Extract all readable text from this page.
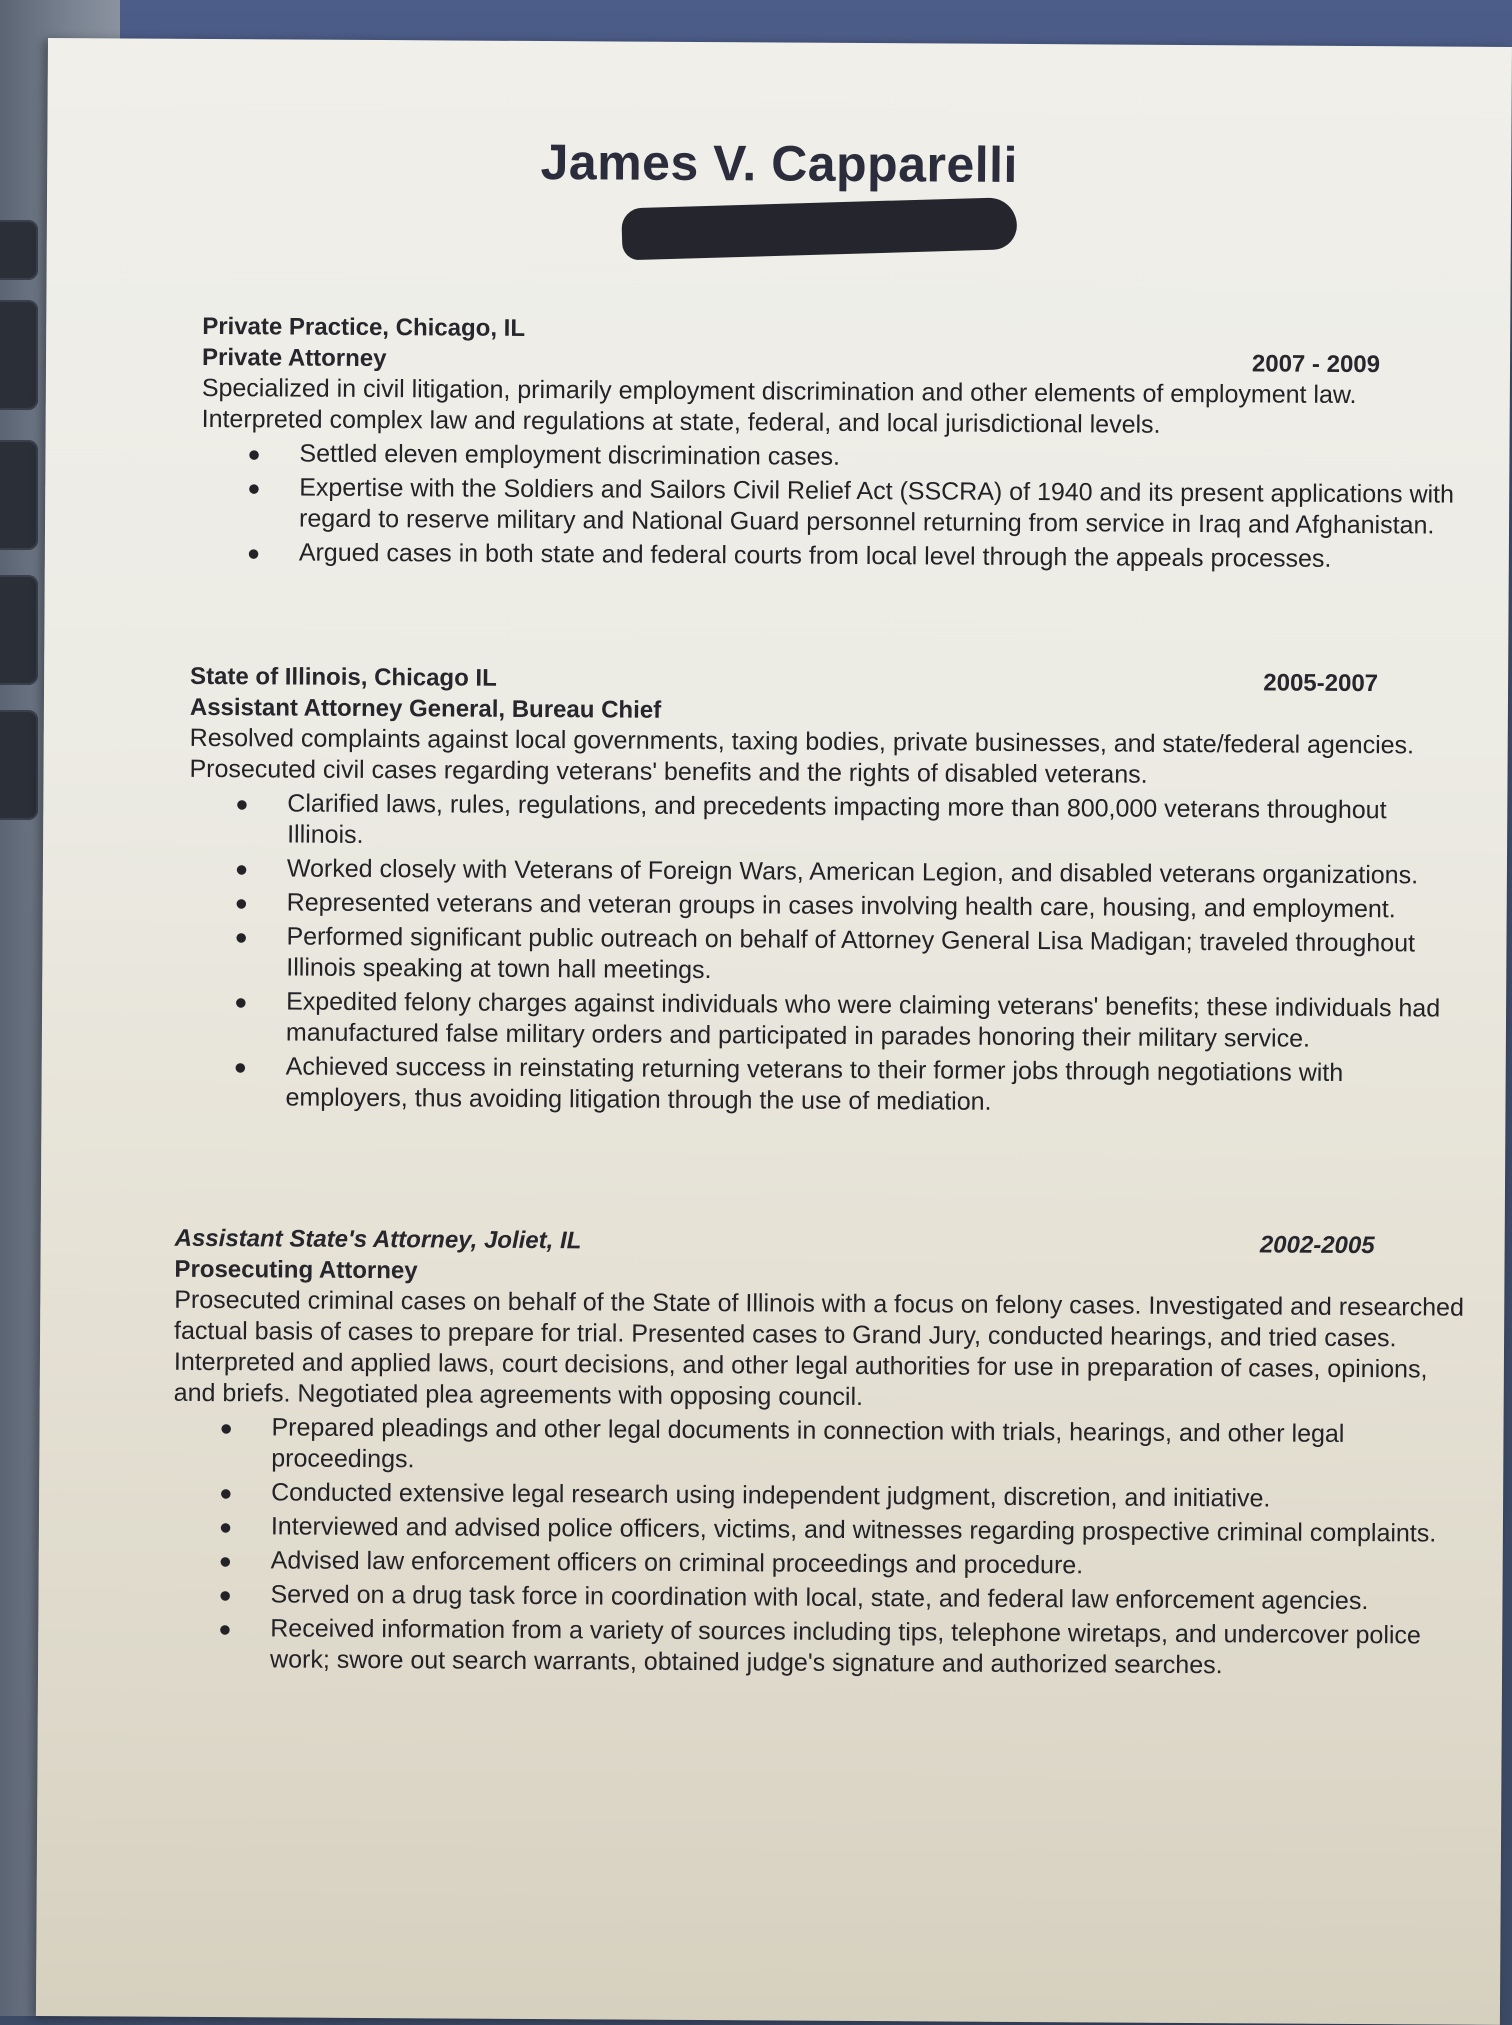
James V. Capparelli
Private Practice, Chicago, IL
Private Attorney	2007 - 2009

Specialized in civil litigation, primarily employment discrimination and other elements of employment law. Interpreted complex law and regulations at state, federal, and local jurisdictional levels.

● Settled eleven employment discrimination cases.
● Expertise with the Soldiers and Sailors Civil Relief Act (SSCRA) of 1940 and its present applications with regard to reserve military and National Guard personnel returning from service in Iraq and Afghanistan.
● Argued cases in both state and federal courts from local level through the appeals processes.
State of Illinois, Chicago IL	2005-2007
Assistant Attorney General, Bureau Chief

Resolved complaints against local governments, taxing bodies, private businesses, and state/federal agencies. Prosecuted civil cases regarding veterans' benefits and the rights of disabled veterans.

● Clarified laws, rules, regulations, and precedents impacting more than 800,000 veterans throughout Illinois.
● Worked closely with Veterans of Foreign Wars, American Legion, and disabled veterans organizations.
● Represented veterans and veteran groups in cases involving health care, housing, and employment.
● Performed significant public outreach on behalf of Attorney General Lisa Madigan; traveled throughout Illinois speaking at town hall meetings.
● Expedited felony charges against individuals who were claiming veterans' benefits; these individuals had manufactured false military orders and participated in parades honoring their military service.
● Achieved success in reinstating returning veterans to their former jobs through negotiations with employers, thus avoiding litigation through the use of mediation.
Assistant State's Attorney, Joliet, IL	2002-2005
Prosecuting Attorney

Prosecuted criminal cases on behalf of the State of Illinois with a focus on felony cases. Investigated and researched factual basis of cases to prepare for trial. Presented cases to Grand Jury, conducted hearings, and tried cases. Interpreted and applied laws, court decisions, and other legal authorities for use in preparation of cases, opinions, and briefs. Negotiated plea agreements with opposing council.

● Prepared pleadings and other legal documents in connection with trials, hearings, and other legal proceedings.
● Conducted extensive legal research using independent judgment, discretion, and initiative.
● Interviewed and advised police officers, victims, and witnesses regarding prospective criminal complaints.
● Advised law enforcement officers on criminal proceedings and procedure.
● Served on a drug task force in coordination with local, state, and federal law enforcement agencies.
● Received information from a variety of sources including tips, telephone wiretaps, and undercover police work; swore out search warrants, obtained judge's signature and authorized searches.
